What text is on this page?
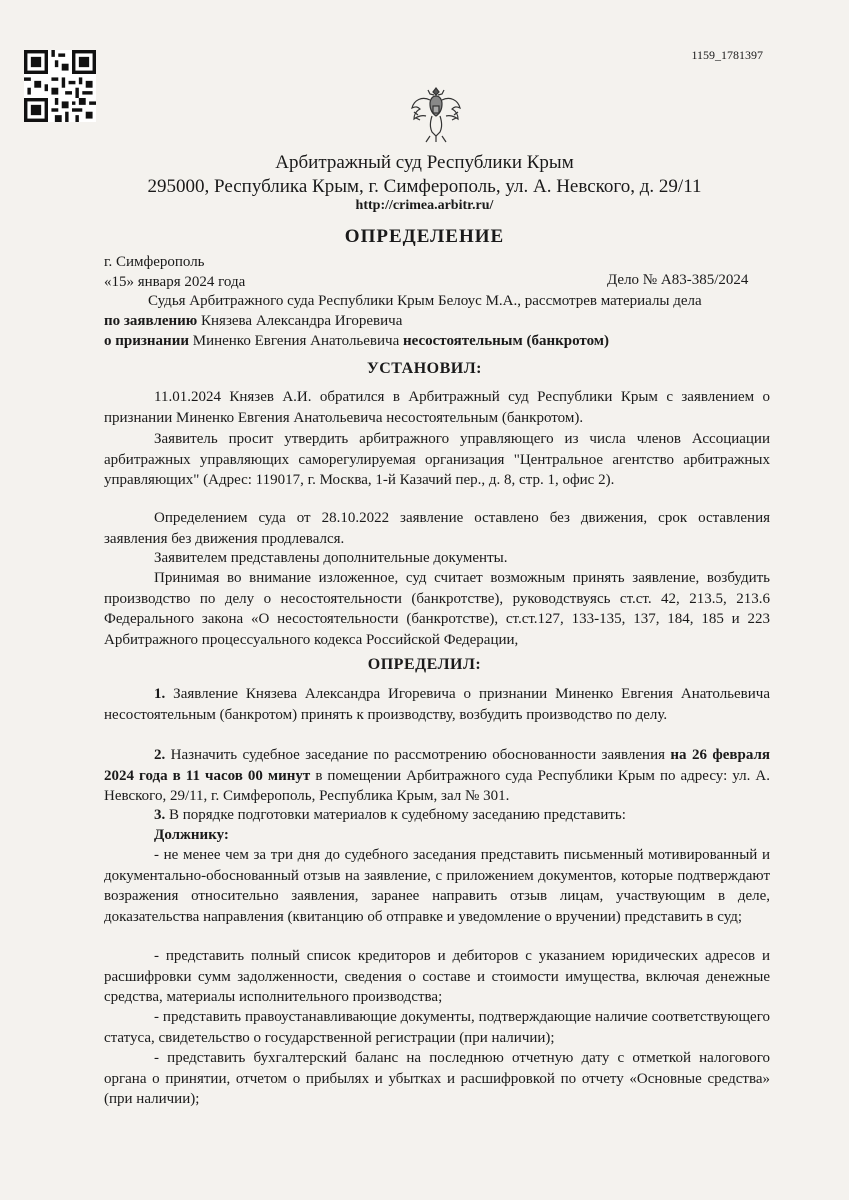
1159_1781397
Арбитражный суд Республики Крым
295000, Республика Крым, г. Симферополь, ул. А. Невского, д. 29/11
http://crimea.arbitr.ru/
ОПРЕДЕЛЕНИЕ
г. Симферополь
«15» января 2024 года	Дело № А83-385/2024
Судья Арбитражного суда Республики Крым Белоус М.А., рассмотрев материалы дела
по заявлению Князева Александра Игоревича
о признании Миненко Евгения Анатольевича несостоятельным (банкротом)
УСТАНОВИЛ:
11.01.2024 Князев А.И. обратился в Арбитражный суд Республики Крым с заявлением о признании Миненко Евгения Анатольевича несостоятельным (банкротом).
Заявитель просит утвердить арбитражного управляющего из числа членов Ассоциации арбитражных управляющих саморегулируемая организация "Центральное агентство арбитражных управляющих" (Адрес: 119017, г. Москва, 1-й Казачий пер., д. 8, стр. 1, офис 2).
Определением суда от 28.10.2022 заявление оставлено без движения, срок оставления заявления без движения продлевался.
Заявителем представлены дополнительные документы.
Принимая во внимание изложенное, суд считает возможным принять заявление, возбудить производство по делу о несостоятельности (банкротстве), руководствуясь ст.ст. 42, 213.5, 213.6 Федерального закона «О несостоятельности (банкротстве), ст.ст.127, 133-135, 137, 184, 185 и 223 Арбитражного процессуального кодекса Российской Федерации,
ОПРЕДЕЛИЛ:
1. Заявление Князева Александра Игоревича о признании Миненко Евгения Анатольевича несостоятельным (банкротом) принять к производству, возбудить производство по делу.
2. Назначить судебное заседание по рассмотрению обоснованности заявления на 26 февраля 2024 года в 11 часов 00 минут в помещении Арбитражного суда Республики Крым по адресу: ул. А. Невского, 29/11, г. Симферополь, Республика Крым, зал № 301.
3. В порядке подготовки материалов к судебному заседанию представить:
Должнику:
- не менее чем за три дня до судебного заседания представить письменный мотивированный и документально-обоснованный отзыв на заявление, с приложением документов, которые подтверждают возражения относительно заявления, заранее направить отзыв лицам, участвующим в деле, доказательства направления (квитанцию об отправке и уведомление о вручении) представить в суд;
- представить полный список кредиторов и дебиторов с указанием юридических адресов и расшифровки сумм задолженности, сведения о составе и стоимости имущества, включая денежные средства, материалы исполнительного производства;
- представить правоустанавливающие документы, подтверждающие наличие соответствующего статуса, свидетельство о государственной регистрации (при наличии);
- представить бухгалтерский баланс на последнюю отчетную дату с отметкой налогового органа о принятии, отчетом о прибылях и убытках и расшифровкой по отчету «Основные средства» (при наличии);
